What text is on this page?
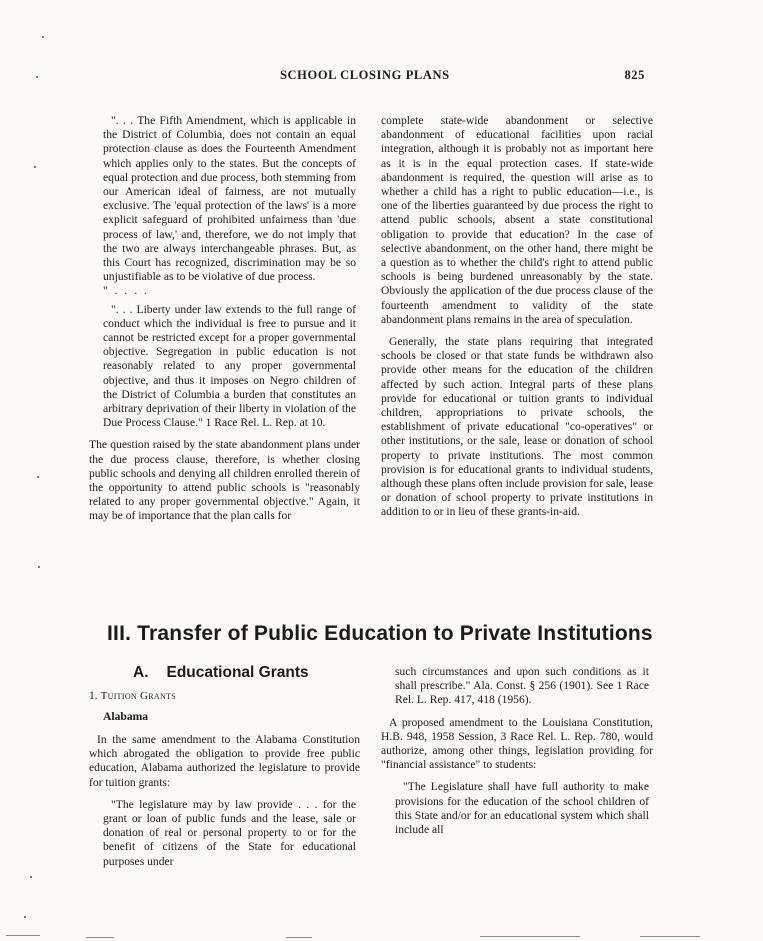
SCHOOL CLOSING PLANS	825

". . . The Fifth Amendment, which is applicable in the District of Columbia, does not contain an equal protection clause as does the Fourteenth Amendment which applies only to the states. But the concepts of equal protection and due process, both stemming from our American ideal of fairness, are not mutually exclusive. The 'equal protection of the laws' is a more explicit safeguard of prohibited unfairness than 'due process of law,' and, therefore, we do not imply that the two are always interchangeable phrases. But, as this Court has recognized, discrimination may be so unjustifiable as to be violative of due process.

" . . . .

". . . Liberty under law extends to the full range of conduct which the individual is free to pursue and it cannot be restricted except for a proper governmental objective. Segregation in public education is not reasonably related to any proper governmental objective, and thus it imposes on Negro children of the District of Columbia a burden that constitutes an arbitrary deprivation of their liberty in violation of the Due Process Clause." 1 Race Rel. L. Rep. at 10.

The question raised by the state abandonment plans under the due process clause, therefore, is whether closing public schools and denying all children enrolled therein of the opportunity to attend public schools is "reasonably related to any proper governmental objective." Again, it may be of importance that the plan calls for

complete state-wide abandonment or selective abandonment of educational facilities upon racial integration, although it is probably not as important here as it is in the equal protection cases. If state-wide abandonment is required, the question will arise as to whether a child has a right to public education—i.e., is one of the liberties guaranteed by due process the right to attend public schools, absent a state constitutional obligation to provide that education? In the case of selective abandonment, on the other hand, there might be a question as to whether the child's right to attend public schools is being burdened unreasonably by the state. Obviously the application of the due process clause of the fourteenth amendment to validity of the state abandonment plans remains in the area of speculation.

Generally, the state plans requiring that integrated schools be closed or that state funds be withdrawn also provide other means for the education of the children affected by such action. Integral parts of these plans provide for educational or tuition grants to individual children, appropriations to private schools, the establishment of private educational "co-operatives" or other institutions, or the sale, lease or donation of school property to private institutions. The most common provision is for educational grants to individual students, although these plans often include provision for sale, lease or donation of school property to private institutions in addition to or in lieu of these grants-in-aid.

III. Transfer of Public Education to Private Institutions
A. Educational Grants
1. Tuition Grants
Alabama

In the same amendment to the Alabama Constitution which abrogated the obligation to provide free public education, Alabama authorized the legislature to provide for tuition grants:

"The legislature may by law provide . . . for the grant or loan of public funds and the lease, sale or donation of real or personal property to or for the benefit of citizens of the State for educational purposes under

such circumstances and upon such conditions as it shall prescribe." Ala. Const. § 256 (1901). See 1 Race Rel. L. Rep. 417, 418 (1956).

A proposed amendment to the Louisiana Constitution, H.B. 948, 1958 Session, 3 Race Rel. L. Rep. 780, would authorize, among other things, legislation providing for "financial assistance" to students:

"The Legislature shall have full authority to make provisions for the education of the school children of this State and/or for an educational system which shall include all
